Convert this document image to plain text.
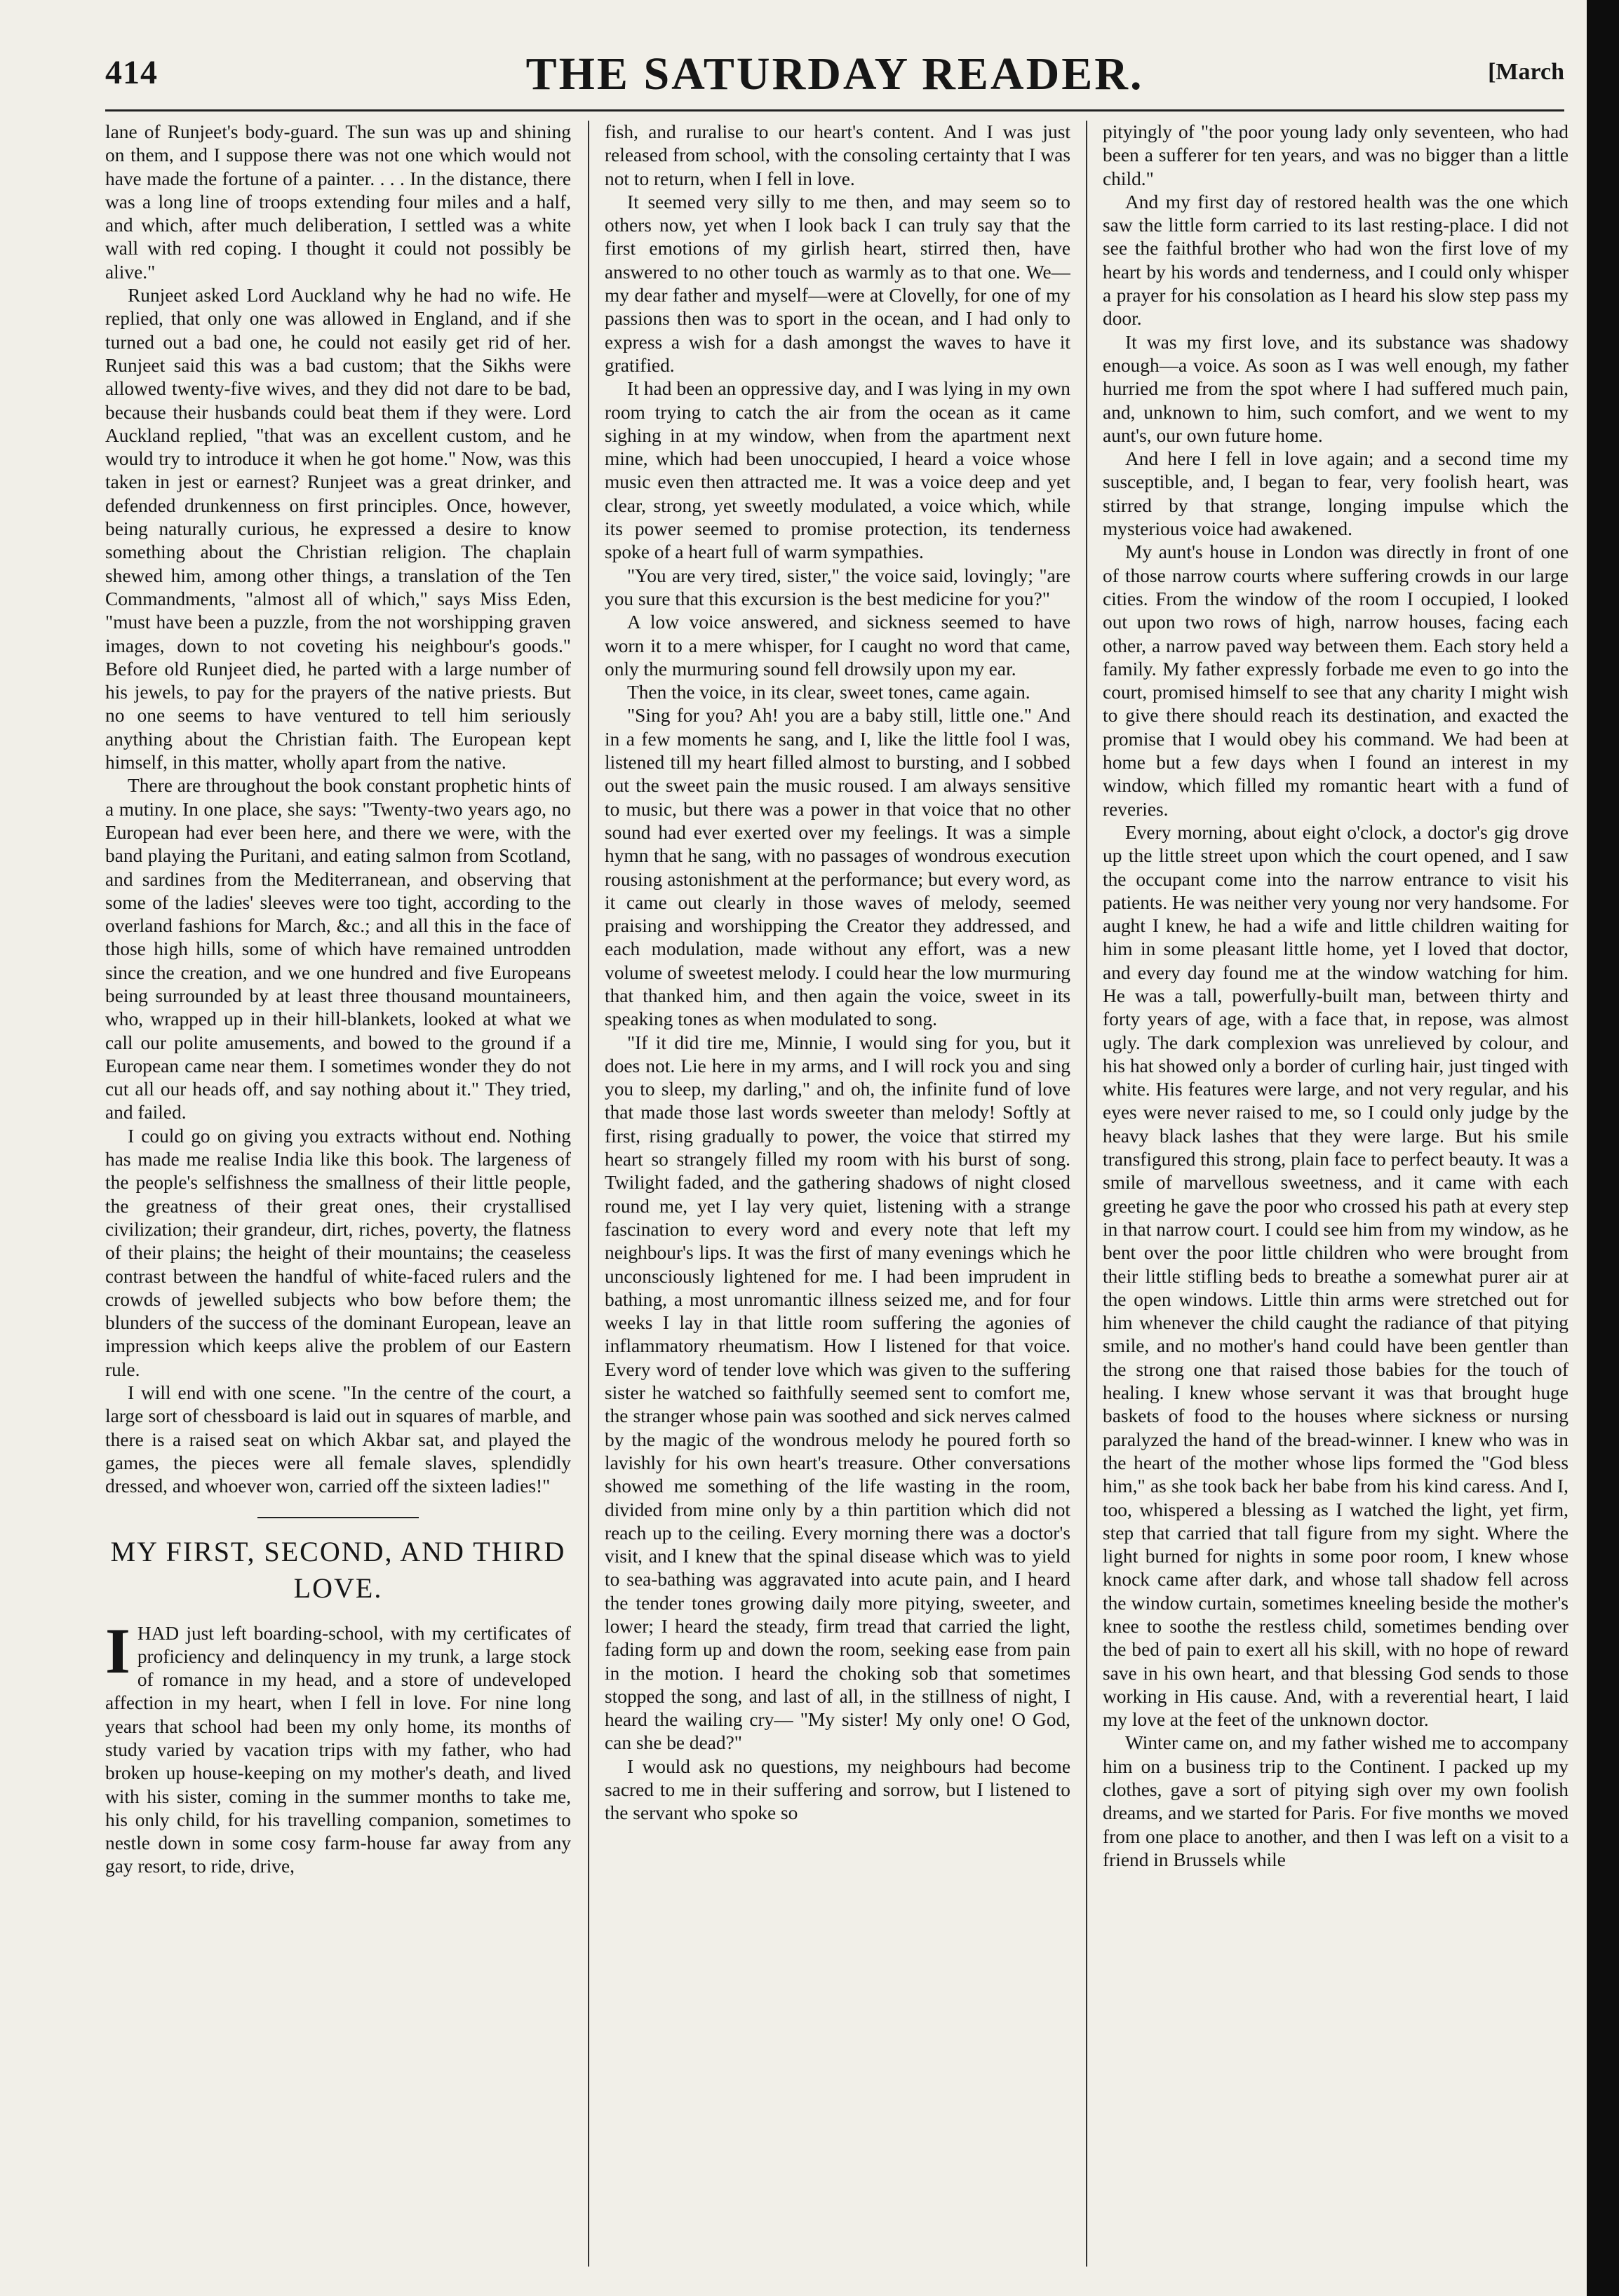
414	THE SATURDAY READER.	[March

lane of Runjeet's body-guard. The sun was up and shining on them, and I suppose there was not one which would not have made the fortune of a painter. . . . In the distance, there was a long line of troops extending four miles and a half, and which, after much deliberation, I settled was a white wall with red coping. I thought it could not possibly be alive."

Runjeet asked Lord Auckland why he had no wife. He replied, that only one was allowed in England, and if she turned out a bad one, he could not easily get rid of her. Runjeet said this was a bad custom; that the Sikhs were allowed twenty-five wives, and they did not dare to be bad, because their husbands could beat them if they were. Lord Auckland replied, "that was an excellent custom, and he would try to introduce it when he got home." Now, was this taken in jest or earnest? Runjeet was a great drinker, and defended drunkenness on first principles. Once, however, being naturally curious, he expressed a desire to know something about the Christian religion. The chaplain shewed him, among other things, a translation of the Ten Commandments, "almost all of which," says Miss Eden, "must have been a puzzle, from the not worshipping graven images, down to not coveting his neighbour's goods." Before old Runjeet died, he parted with a large number of his jewels, to pay for the prayers of the native priests. But no one seems to have ventured to tell him seriously anything about the Christian faith. The European kept himself, in this matter, wholly apart from the native.

There are throughout the book constant prophetic hints of a mutiny. In one place, she says: "Twenty-two years ago, no European had ever been here, and there we were, with the band playing the Puritani, and eating salmon from Scotland, and sardines from the Mediterranean, and observing that some of the ladies' sleeves were too tight, according to the overland fashions for March, &c.; and all this in the face of those high hills, some of which have remained untrodden since the creation, and we one hundred and five Europeans being surrounded by at least three thousand mountaineers, who, wrapped up in their hill-blankets, looked at what we call our polite amusements, and bowed to the ground if a European came near them. I sometimes wonder they do not cut all our heads off, and say nothing about it." They tried, and failed.

I could go on giving you extracts without end. Nothing has made me realise India like this book. The largeness of the people's selfishness the smallness of their little people, the greatness of their great ones, their crystallised civilization; their grandeur, dirt, riches, poverty, the flatness of their plains; the height of their mountains; the ceaseless contrast between the handful of white-faced rulers and the crowds of jewelled subjects who bow before them; the blunders of the success of the dominant European, leave an impression which keeps alive the problem of our Eastern rule.

I will end with one scene. "In the centre of the court, a large sort of chessboard is laid out in squares of marble, and there is a raised seat on which Akbar sat, and played the games, the pieces were all female slaves, splendidly dressed, and whoever won, carried off the sixteen ladies!"

MY FIRST, SECOND, AND THIRD LOVE.

IHAD just left boarding-school, with my certificates of proficiency and delinquency in my trunk, a large stock of romance in my head, and a store of undeveloped affection in my heart, when I fell in love. For nine long years that school had been my only home, its months of study varied by vacation trips with my father, who had broken up house-keeping on my mother's death, and lived with his sister, coming in the summer months to take me, his only child, for his travelling companion, sometimes to nestle down in some cosy farm-house far away from any gay resort, to ride, drive,

fish, and ruralise to our heart's content. And I was just released from school, with the consoling certainty that I was not to return, when I fell in love.

It seemed very silly to me then, and may seem so to others now, yet when I look back I can truly say that the first emotions of my girlish heart, stirred then, have answered to no other touch as warmly as to that one. We—my dear father and myself—were at Clovelly, for one of my passions then was to sport in the ocean, and I had only to express a wish for a dash amongst the waves to have it gratified.

It had been an oppressive day, and I was lying in my own room trying to catch the air from the ocean as it came sighing in at my window, when from the apartment next mine, which had been unoccupied, I heard a voice whose music even then attracted me. It was a voice deep and yet clear, strong, yet sweetly modulated, a voice which, while its power seemed to promise protection, its tenderness spoke of a heart full of warm sympathies.

"You are very tired, sister," the voice said, lovingly; "are you sure that this excursion is the best medicine for you?"

A low voice answered, and sickness seemed to have worn it to a mere whisper, for I caught no word that came, only the murmuring sound fell drowsily upon my ear.

Then the voice, in its clear, sweet tones, came again.

"Sing for you? Ah! you are a baby still, little one." And in a few moments he sang, and I, like the little fool I was, listened till my heart filled almost to bursting, and I sobbed out the sweet pain the music roused. I am always sensitive to music, but there was a power in that voice that no other sound had ever exerted over my feelings. It was a simple hymn that he sang, with no passages of wondrous execution rousing astonishment at the performance; but every word, as it came out clearly in those waves of melody, seemed praising and worshipping the Creator they addressed, and each modulation, made without any effort, was a new volume of sweetest melody. I could hear the low murmuring that thanked him, and then again the voice, sweet in its speaking tones as when modulated to song.

"If it did tire me, Minnie, I would sing for you, but it does not. Lie here in my arms, and I will rock you and sing you to sleep, my darling," and oh, the infinite fund of love that made those last words sweeter than melody! Softly at first, rising gradually to power, the voice that stirred my heart so strangely filled my room with his burst of song. Twilight faded, and the gathering shadows of night closed round me, yet I lay very quiet, listening with a strange fascination to every word and every note that left my neighbour's lips. It was the first of many evenings which he unconsciously lightened for me. I had been imprudent in bathing, a most unromantic illness seized me, and for four weeks I lay in that little room suffering the agonies of inflammatory rheumatism. How I listened for that voice. Every word of tender love which was given to the suffering sister he watched so faithfully seemed sent to comfort me, the stranger whose pain was soothed and sick nerves calmed by the magic of the wondrous melody he poured forth so lavishly for his own heart's treasure. Other conversations showed me something of the life wasting in the room, divided from mine only by a thin partition which did not reach up to the ceiling. Every morning there was a doctor's visit, and I knew that the spinal disease which was to yield to sea-bathing was aggravated into acute pain, and I heard the tender tones growing daily more pitying, sweeter, and lower; I heard the steady, firm tread that carried the light, fading form up and down the room, seeking ease from pain in the motion. I heard the choking sob that sometimes stopped the song, and last of all, in the stillness of night, I heard the wailing cry— "My sister! My only one! O God, can she be dead?"

I would ask no questions, my neighbours had become sacred to me in their suffering and sorrow, but I listened to the servant who spoke so

pityingly of "the poor young lady only seventeen, who had been a sufferer for ten years, and was no bigger than a little child."

And my first day of restored health was the one which saw the little form carried to its last resting-place. I did not see the faithful brother who had won the first love of my heart by his words and tenderness, and I could only whisper a prayer for his consolation as I heard his slow step pass my door.

It was my first love, and its substance was shadowy enough—a voice. As soon as I was well enough, my father hurried me from the spot where I had suffered much pain, and, unknown to him, such comfort, and we went to my aunt's, our own future home.

And here I fell in love again; and a second time my susceptible, and, I began to fear, very foolish heart, was stirred by that strange, longing impulse which the mysterious voice had awakened.

My aunt's house in London was directly in front of one of those narrow courts where suffering crowds in our large cities. From the window of the room I occupied, I looked out upon two rows of high, narrow houses, facing each other, a narrow paved way between them. Each story held a family. My father expressly forbade me even to go into the court, promised himself to see that any charity I might wish to give there should reach its destination, and exacted the promise that I would obey his command. We had been at home but a few days when I found an interest in my window, which filled my romantic heart with a fund of reveries.

Every morning, about eight o'clock, a doctor's gig drove up the little street upon which the court opened, and I saw the occupant come into the narrow entrance to visit his patients. He was neither very young nor very handsome. For aught I knew, he had a wife and little children waiting for him in some pleasant little home, yet I loved that doctor, and every day found me at the window watching for him. He was a tall, powerfully-built man, between thirty and forty years of age, with a face that, in repose, was almost ugly. The dark complexion was unrelieved by colour, and his hat showed only a border of curling hair, just tinged with white. His features were large, and not very regular, and his eyes were never raised to me, so I could only judge by the heavy black lashes that they were large. But his smile transfigured this strong, plain face to perfect beauty. It was a smile of marvellous sweetness, and it came with each greeting he gave the poor who crossed his path at every step in that narrow court. I could see him from my window, as he bent over the poor little children who were brought from their little stifling beds to breathe a somewhat purer air at the open windows. Little thin arms were stretched out for him whenever the child caught the radiance of that pitying smile, and no mother's hand could have been gentler than the strong one that raised those babies for the touch of healing. I knew whose servant it was that brought huge baskets of food to the houses where sickness or nursing paralyzed the hand of the bread-winner. I knew who was in the heart of the mother whose lips formed the "God bless him," as she took back her babe from his kind caress. And I, too, whispered a blessing as I watched the light, yet firm, step that carried that tall figure from my sight. Where the light burned for nights in some poor room, I knew whose knock came after dark, and whose tall shadow fell across the window curtain, sometimes kneeling beside the mother's knee to soothe the restless child, sometimes bending over the bed of pain to exert all his skill, with no hope of reward save in his own heart, and that blessing God sends to those working in His cause. And, with a reverential heart, I laid my love at the feet of the unknown doctor.

Winter came on, and my father wished me to accompany him on a business trip to the Continent. I packed up my clothes, gave a sort of pitying sigh over my own foolish dreams, and we started for Paris. For five months we moved from one place to another, and then I was left on a visit to a friend in Brussels while
